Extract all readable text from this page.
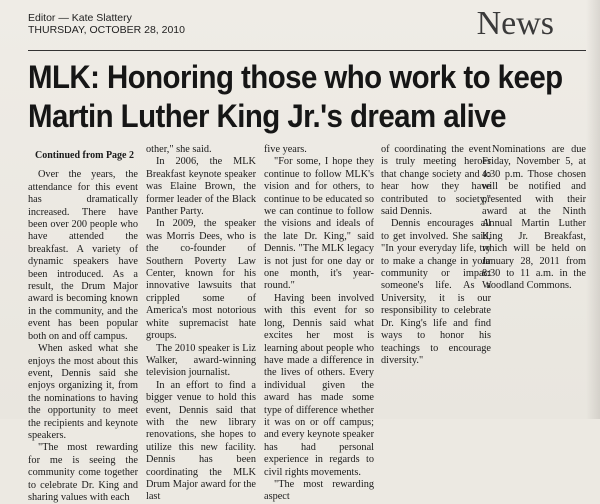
Editor — Kate Slattery
THURSDAY, OCTOBER 28, 2010	News
MLK: Honoring those who work to keep Martin Luther King Jr.'s dream alive
Continued from Page 2

Over the years, the attendance for this event has dramatically increased. There have been over 200 people who have attended the breakfast. A variety of dynamic speakers have been introduced. As a result, the Drum Major award is becoming known in the community, and the event has been popular both on and off campus.

When asked what she enjoys the most about this event, Dennis said she enjoys organizing it, from the nominations to having the opportunity to meet the recipients and keynote speakers.

"The most rewarding for me is seeing the community come together to celebrate Dr. King and sharing values with each

other," she said.

In 2006, the MLK Breakfast keynote speaker was Elaine Brown, the former leader of the Black Panther Party.

In 2009, the speaker was Morris Dees, who is the co-founder of Southern Poverty Law Center, known for his innovative lawsuits that crippled some of America's most notorious white supremacist hate groups.

The 2010 speaker is Liz Walker, award-winning television journalist.

In an effort to find a bigger venue to hold this event, Dennis said that with the new library renovations, she hopes to utilize this new facility. Dennis has been coordinating the MLK Drum Major award for the last

five years.

"For some, I hope they continue to follow MLK's vision and for others, to continue to be educated so we can continue to follow the visions and ideals of the late Dr. King," said Dennis. "The MLK legacy is not just for one day or one month, it's year-round."

Having been involved with this event for so long, Dennis said what excites her most is learning about people who have made a difference in the lives of others. Every individual given the award has made some type of difference whether it was on or off campus; and every keynote speaker has had personal experience in regards to civil rights movements.

"The most rewarding aspect

of coordinating the event is truly meeting heroes that change society and to hear how they have contributed to society," said Dennis.

Dennis encourages all to get involved. She said, "In your everyday life, try to make a change in your community or impact someone's life. As a University, it is our responsibility to celebrate Dr. King's life and find ways to honor his teachings to encourage diversity."

Nominations are due Friday, November 5, at 4:30 p.m. Those chosen will be notified and presented with their award at the Ninth Annual Martin Luther King Jr. Breakfast, which will be held on January 28, 2011 from 8:30 to 11 a.m. in the Woodland Commons.
